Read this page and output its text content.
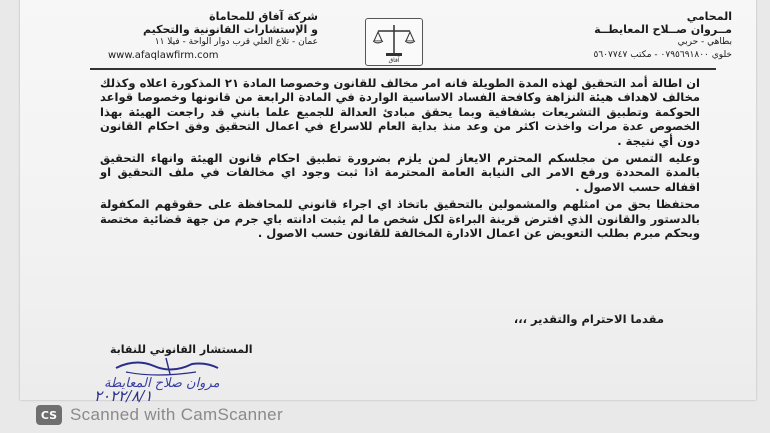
المحامي
مــروان صــلاح المعايطــة
بطاهي - حربي
خلوي ٠٧٩٥٦٩١٨٠٠ - مكتب ٥٦٠٧٧٤٧
آفاق
شركة آفاق للمحاماة
و الإستشارات القانونية والتحكيم
عمان - تلاع العلي قرب دوار الواحة - فيلا ١١
www.afaqlawfirm.com

ان اطالة أمد التحقيق لهذه المدة الطويلة فانه امر مخالف للقانون وخصوصا المادة ٢١ المذكورة اعلاه وكذلك مخالف لاهداف هيئة النزاهة وكافحة الفساد الاساسية الواردة في المادة الرابعة من قانونها وخصوصا قواعد الحوكمة وتطبيق التشريعات بشفافية وبما يحقق مبادئ العدالة للجميع علما بانني قد راجعت الهيئة بهذا الخصوص عدة مرات واخذت اكثر من وعد منذ بداية العام للاسراع في اعمال التحقيق وفق احكام القانون دون أي نتيجة .

وعليه التمس من مجلسكم المحترم الايعاز لمن يلزم بضرورة تطبيق احكام قانون الهيئة وانهاء التحقيق بالمدة المحددة ورفع الامر الى النيابة العامة المحترمة اذا ثبت وجود اي مخالفات في ملف التحقيق او اقفاله حسب الاصول .

محتفظا بحق من امثلهم والمشمولين بالتحقيق باتخاذ اي اجراء قانوني للمحافظة على حقوقهم المكفولة بالدستور والقانون الذي افترض قرينة البراءة لكل شخص ما لم يثبت ادانته باي جرم من جهة قضائية مختصة وبحكم مبرم بطلب التعويض عن اعمال الادارة المخالفة للقانون حسب الاصول .

مقدما الاحترام والتقدير ،،،
المستشار القانوني للنقابة
مروان صلاح المعايطة
٢٠٢٢/٨/١
CS Scanned with CamScanner
